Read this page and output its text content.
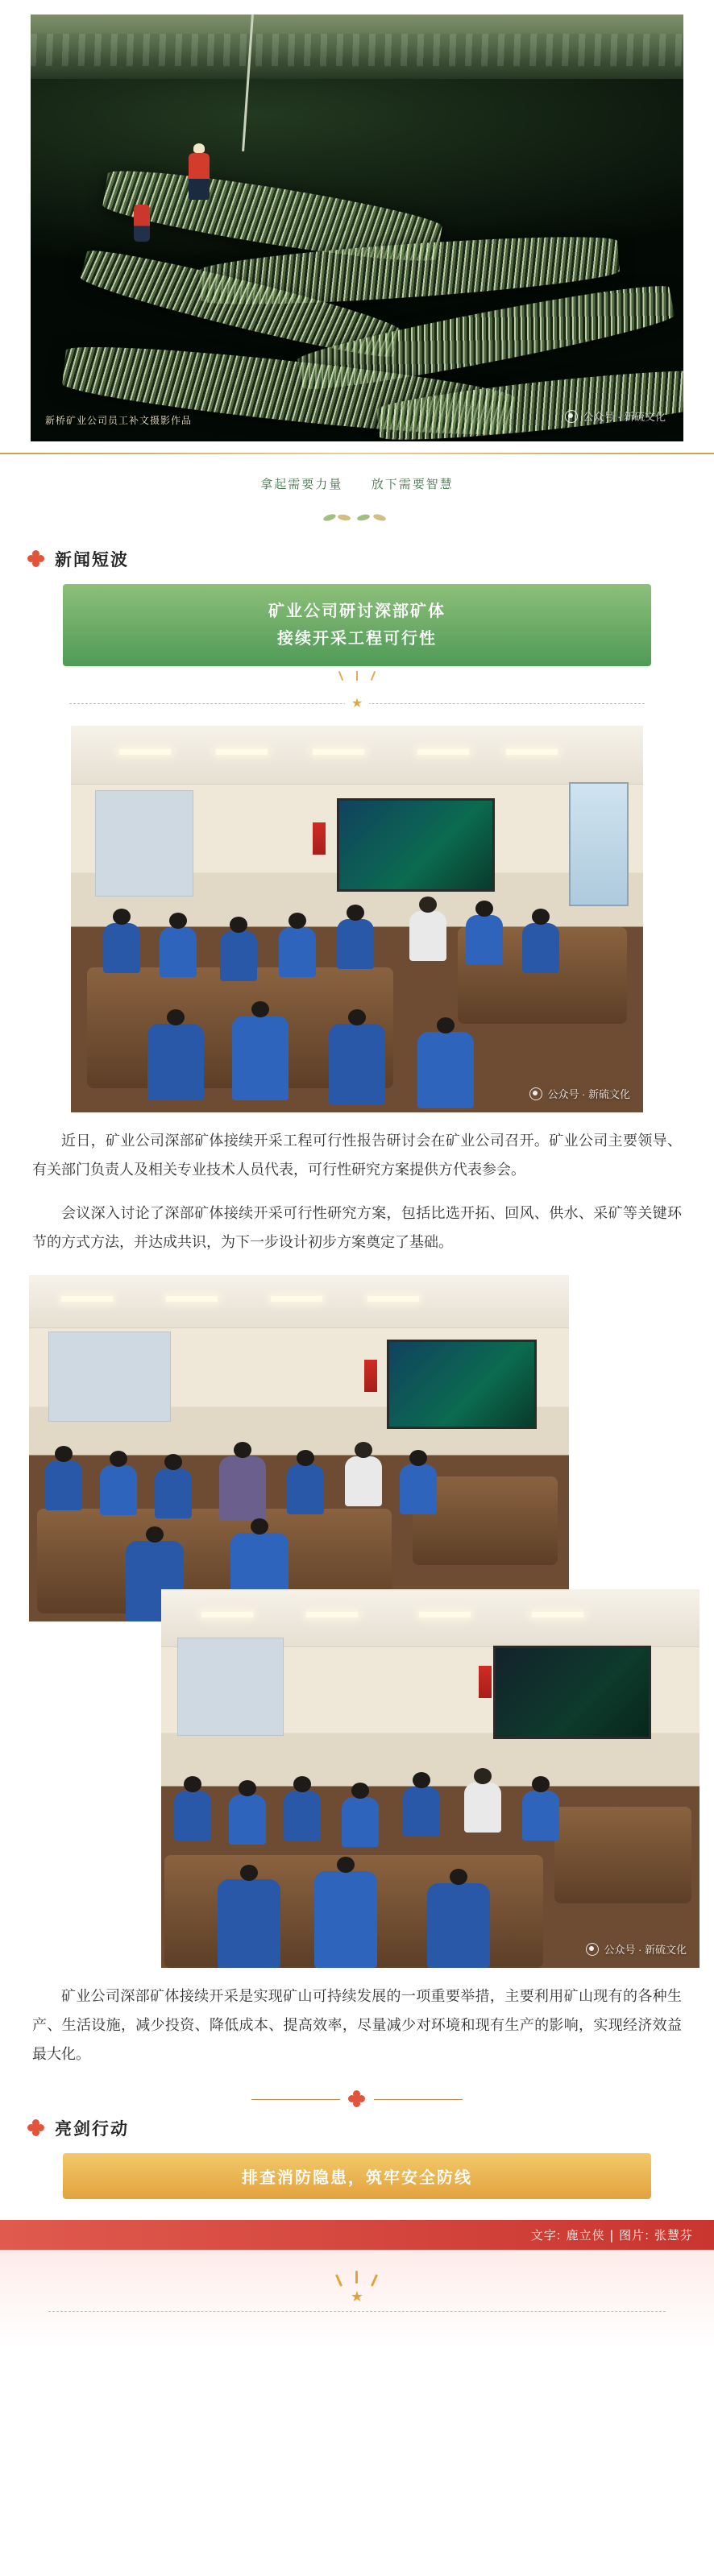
新桥矿业公司员工补文摄影作品	公众号 · 新硫文化
拿起需要力量 放下需要智慧
新闻短波
矿业公司研讨深部矿体
接续开采工程可行性
★
公众号 · 新硫文化
近日，矿业公司深部矿体接续开采工程可行性报告研讨会在矿业公司召开。矿业公司主要领导、有关部门负责人及相关专业技术人员代表，可行性研究方案提供方代表参会。
会议深入讨论了深部矿体接续开采可行性研究方案，包括比选开拓、回风、供水、采矿等关键环节的方式方法，并达成共识，为下一步设计初步方案奠定了基础。
公众号 · 新硫文化
矿业公司深部矿体接续开采是实现矿山可持续发展的一项重要举措，主要利用矿山现有的各种生产、生活设施，减少投资、降低成本、提高效率，尽量减少对环境和现有生产的影响，实现经济效益最大化。
亮剑行动
排查消防隐患，筑牢安全防线
文字: 鹿立侠 | 图片: 张慧芬
★
